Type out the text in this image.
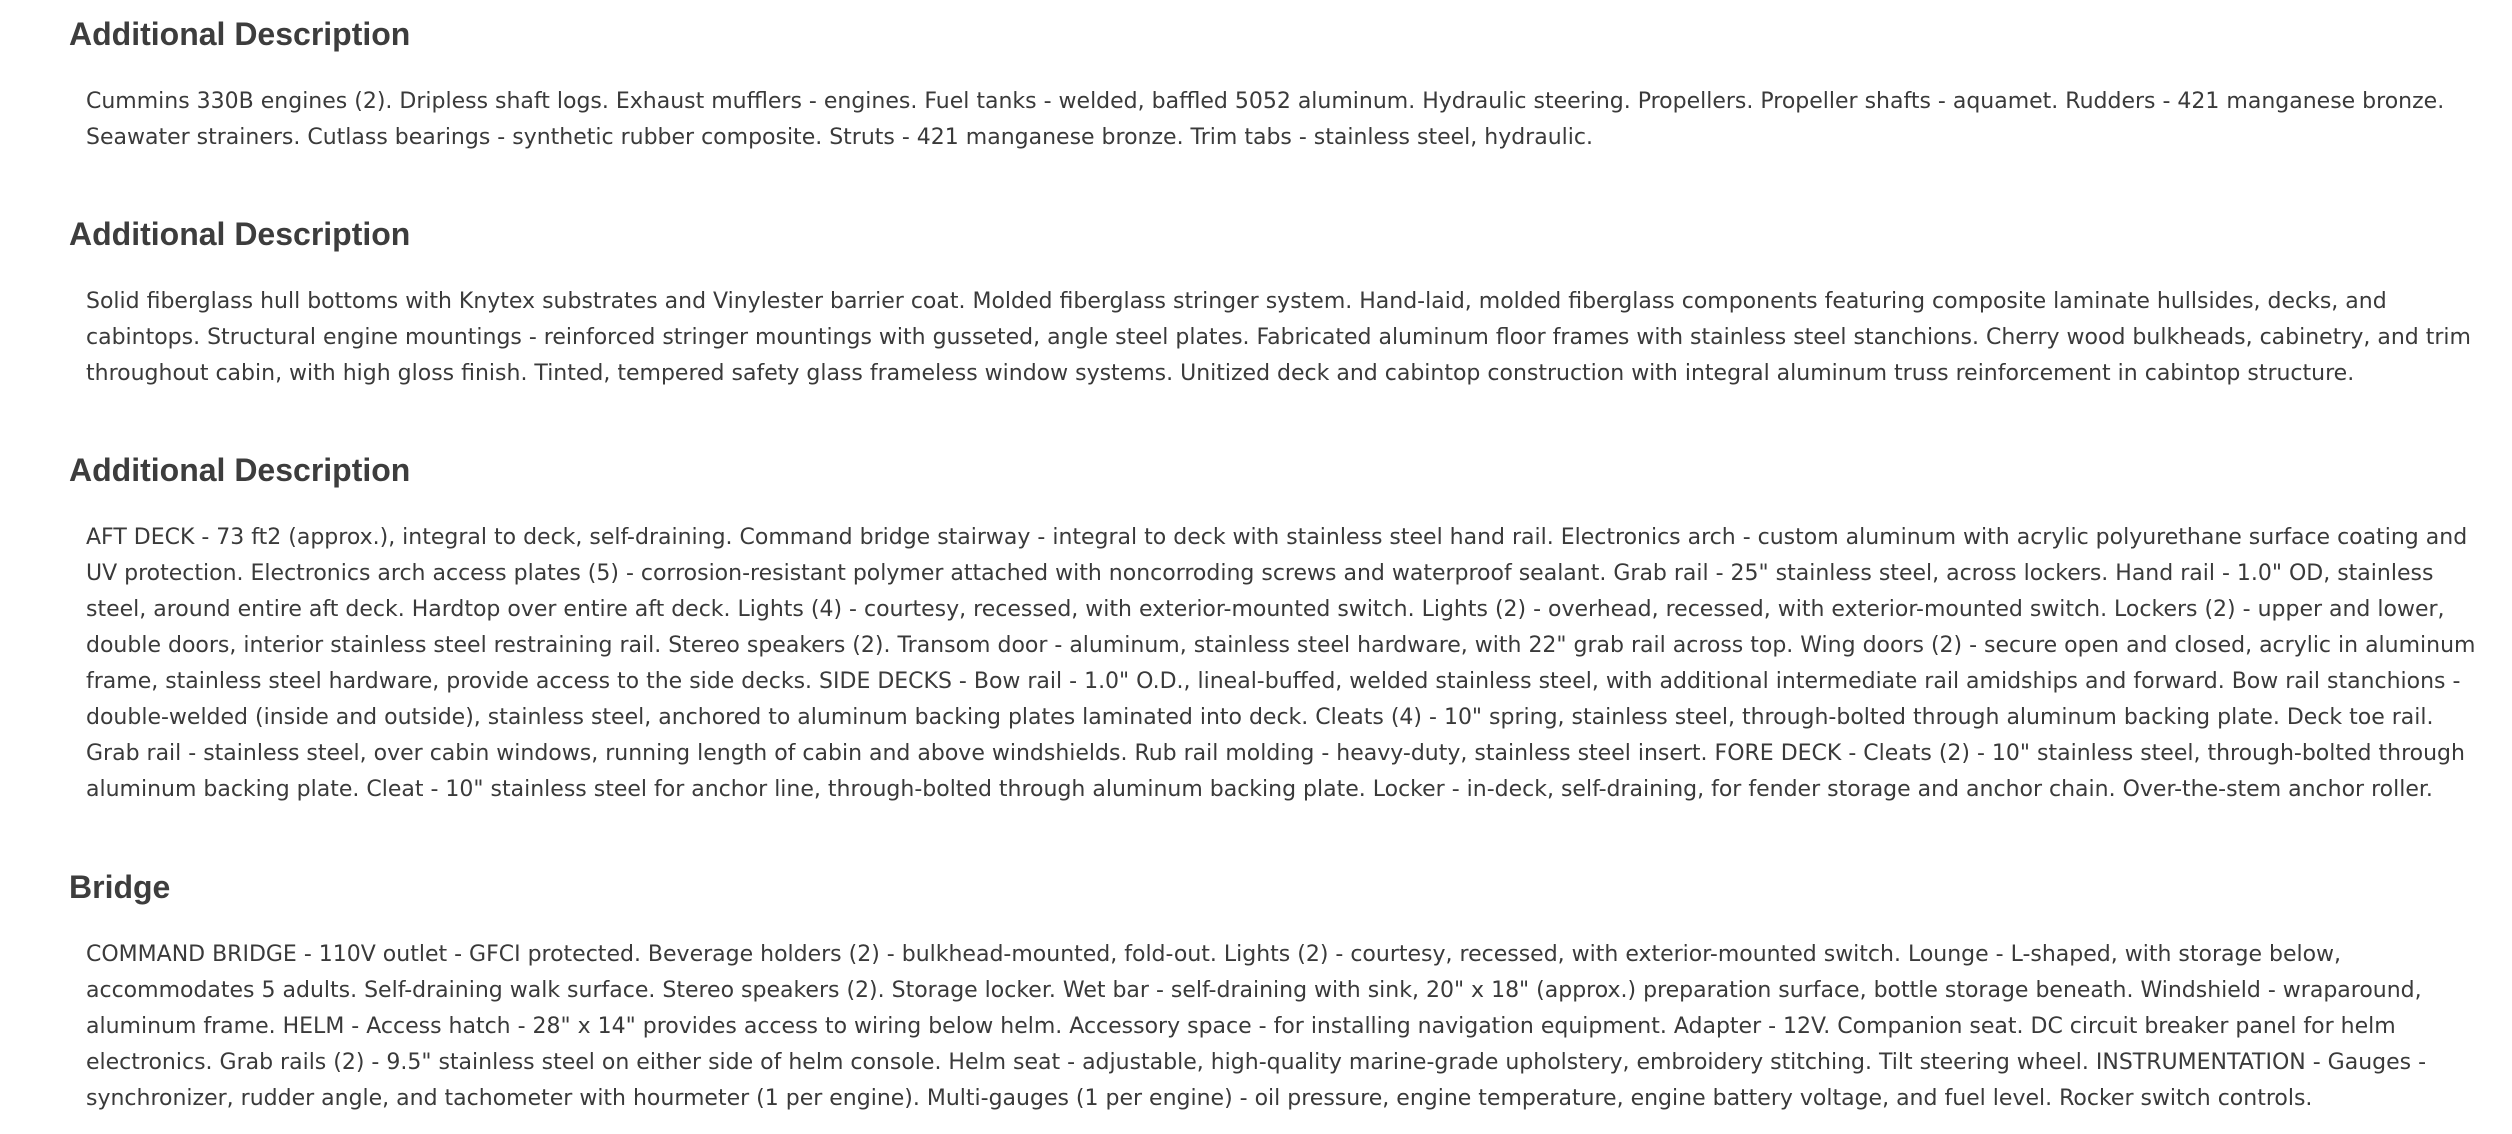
Additional Description

Cummins 330B engines (2). Dripless shaft logs. Exhaust mufflers - engines. Fuel tanks - welded, baffled 5052 aluminum. Hydraulic steering. Propellers. Propeller shafts - aquamet. Rudders - 421 manganese bronze. Seawater strainers. Cutlass bearings - synthetic rubber composite. Struts - 421 manganese bronze. Trim tabs - stainless steel, hydraulic.

Additional Description

Solid fiberglass hull bottoms with Knytex substrates and Vinylester barrier coat. Molded fiberglass stringer system. Hand-laid, molded fiberglass components featuring composite laminate hullsides, decks, and cabintops. Structural engine mountings - reinforced stringer mountings with gusseted, angle steel plates. Fabricated aluminum floor frames with stainless steel stanchions. Cherry wood bulkheads, cabinetry, and trim throughout cabin, with high gloss finish. Tinted, tempered safety glass frameless window systems. Unitized deck and cabintop construction with integral aluminum truss reinforcement in cabintop structure.

Additional Description

AFT DECK - 73 ft2 (approx.), integral to deck, self-draining. Command bridge stairway - integral to deck with stainless steel hand rail. Electronics arch - custom aluminum with acrylic polyurethane surface coating and UV protection. Electronics arch access plates (5) - corrosion-resistant polymer attached with noncorroding screws and waterproof sealant. Grab rail - 25" stainless steel, across lockers. Hand rail - 1.0" OD, stainless steel, around entire aft deck. Hardtop over entire aft deck. Lights (4) - courtesy, recessed, with exterior-mounted switch. Lights (2) - overhead, recessed, with exterior-mounted switch. Lockers (2) - upper and lower, double doors, interior stainless steel restraining rail. Stereo speakers (2). Transom door - aluminum, stainless steel hardware, with 22" grab rail across top. Wing doors (2) - secure open and closed, acrylic in aluminum frame, stainless steel hardware, provide access to the side decks. SIDE DECKS - Bow rail - 1.0" O.D., lineal-buffed, welded stainless steel, with additional intermediate rail amidships and forward. Bow rail stanchions - double-welded (inside and outside), stainless steel, anchored to aluminum backing plates laminated into deck. Cleats (4) - 10" spring, stainless steel, through-bolted through aluminum backing plate. Deck toe rail. Grab rail - stainless steel, over cabin windows, running length of cabin and above windshields. Rub rail molding - heavy-duty, stainless steel insert. FORE DECK - Cleats (2) - 10" stainless steel, through-bolted through aluminum backing plate. Cleat - 10" stainless steel for anchor line, through-bolted through aluminum backing plate. Locker - in-deck, self-draining, for fender storage and anchor chain. Over-the-stem anchor roller.

Bridge

COMMAND BRIDGE - 110V outlet - GFCI protected. Beverage holders (2) - bulkhead-mounted, fold-out. Lights (2) - courtesy, recessed, with exterior-mounted switch. Lounge - L-shaped, with storage below, accommodates 5 adults. Self-draining walk surface. Stereo speakers (2). Storage locker. Wet bar - self-draining with sink, 20" x 18" (approx.) preparation surface, bottle storage beneath. Windshield - wraparound, aluminum frame. HELM - Access hatch - 28" x 14" provides access to wiring below helm. Accessory space - for installing navigation equipment. Adapter - 12V. Companion seat. DC circuit breaker panel for helm electronics. Grab rails (2) - 9.5" stainless steel on either side of helm console. Helm seat - adjustable, high-quality marine-grade upholstery, embroidery stitching. Tilt steering wheel. INSTRUMENTATION - Gauges - synchronizer, rudder angle, and tachometer with hourmeter (1 per engine). Multi-gauges (1 per engine) - oil pressure, engine temperature, engine battery voltage, and fuel level. Rocker switch controls.
